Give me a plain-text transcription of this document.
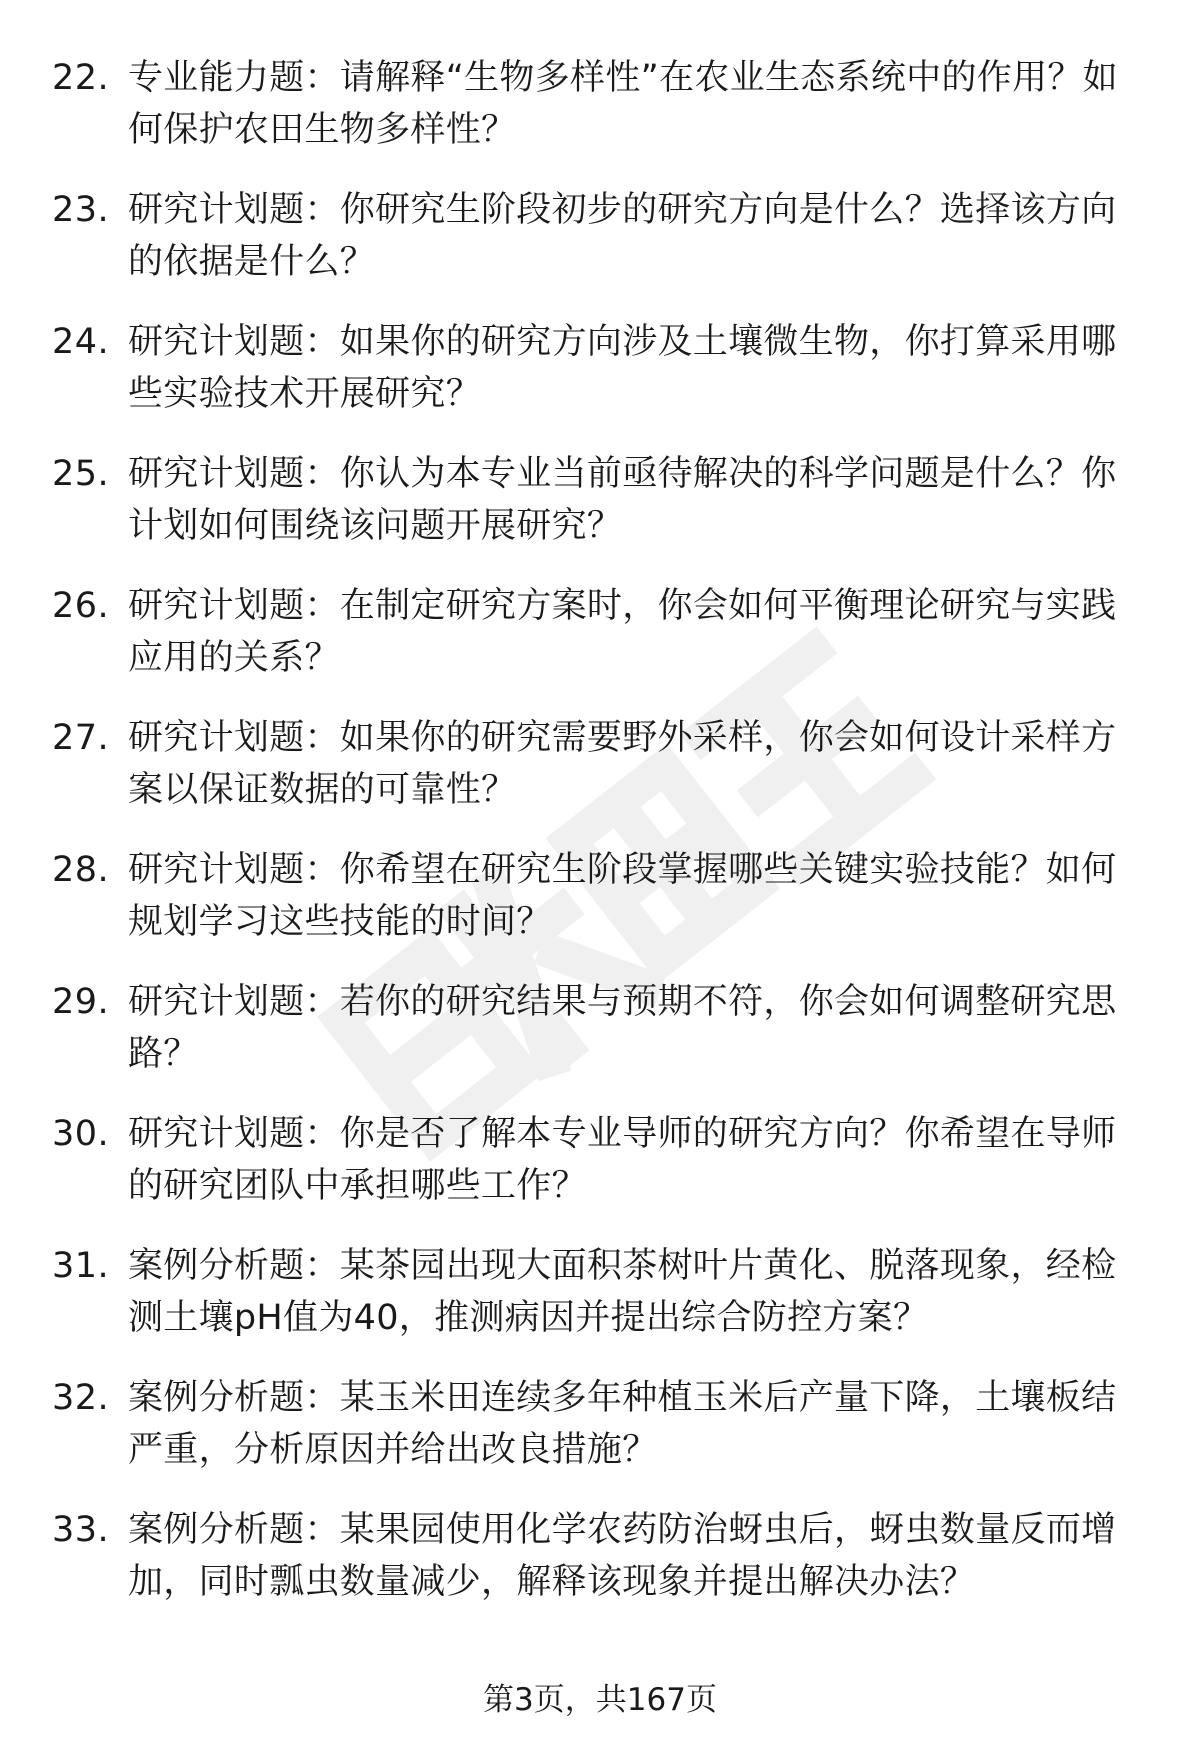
22. 专业能力题：请解释“生物多样性”在农业生态系统中的作用？如何保护农田生物多样性？
23. 研究计划题：你研究生阶段初步的研究方向是什么？选择该方向的依据是什么？
24. 研究计划题：如果你的研究方向涉及土壤微生物，你打算采用哪些实验技术开展研究？
25. 研究计划题：你认为本专业当前亟待解决的科学问题是什么？你计划如何围绕该问题开展研究？
26. 研究计划题：在制定研究方案时，你会如何平衡理论研究与实践应用的关系？
27. 研究计划题：如果你的研究需要野外采样，你会如何设计采样方案以保证数据的可靠性？
28. 研究计划题：你希望在研究生阶段掌握哪些关键实验技能？如何规划学习这些技能的时间？
29. 研究计划题：若你的研究结果与预期不符，你会如何调整研究思路？
30. 研究计划题：你是否了解本专业导师的研究方向？你希望在导师的研究团队中承担哪些工作？
31. 案例分析题：某茶园出现大面积茶树叶片黄化、脱落现象，经检测土壤pH值为40，推测病因并提出综合防控方案？
32. 案例分析题：某玉米田连续多年种植玉米后产量下降，土壤板结严重，分析原因并给出改良措施？
33. 案例分析题：某果园使用化学农药防治蚜虫后，蚜虫数量反而增加，同时瓢虫数量减少，解释该现象并提出解决办法？
第3页，共167页
